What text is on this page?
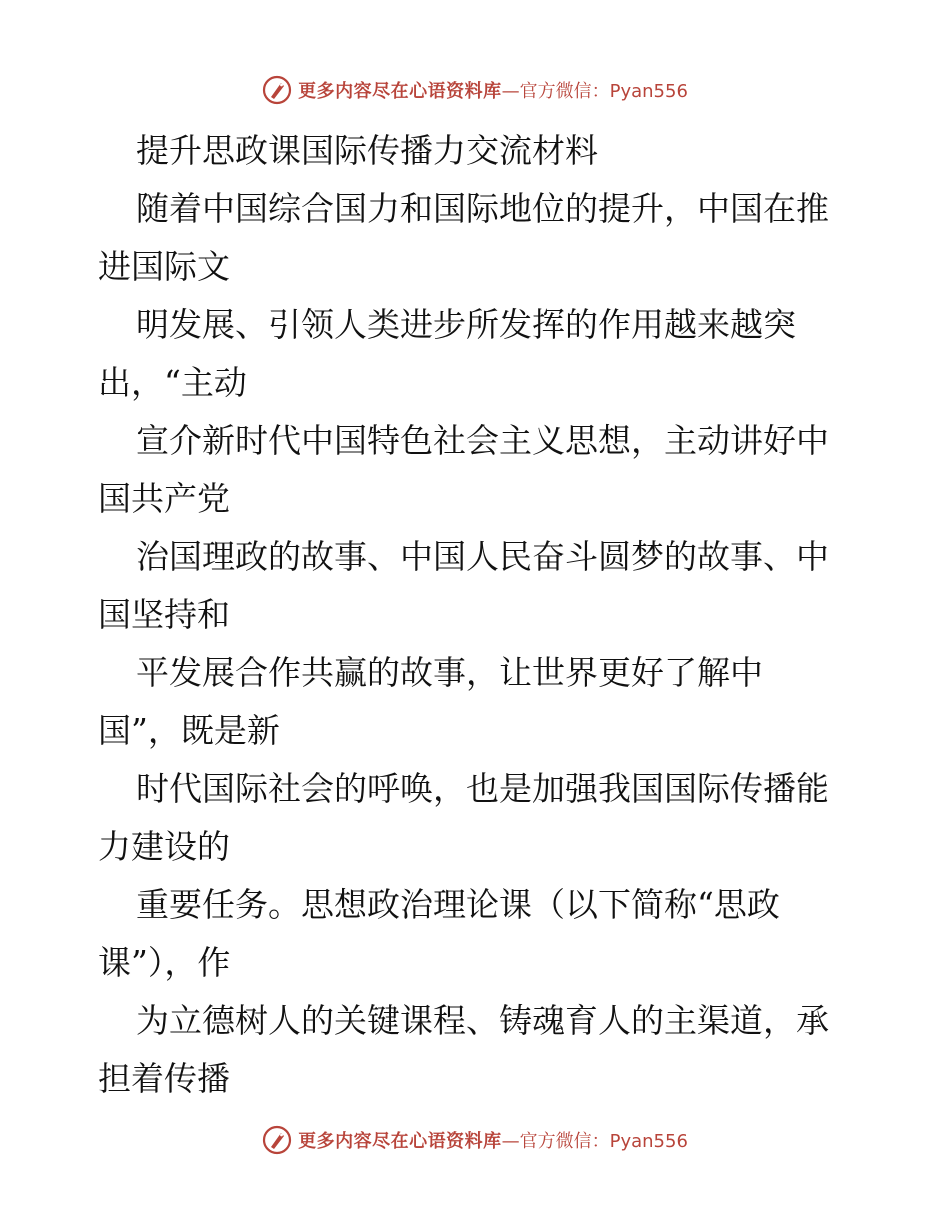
更多内容尽在心语资料库 —官方微信：Pyan556
提升思政课国际传播力交流材料

随着中国综合国力和国际地位的提升，中国在推
进国际文

明发展、引领人类进步所发挥的作用越来越突
出，“主动

宣介新时代中国特色社会主义思想，主动讲好中
国共产党

治国理政的故事、中国人民奋斗圆梦的故事、中
国坚持和

平发展合作共赢的故事，让世界更好了解中
国”，既是新

时代国际社会的呼唤，也是加强我国国际传播能
力建设的

重要任务。思想政治理论课（以下简称“思政
课”），作

为立德树人的关键课程、铸魂育人的主渠道，承
担着传播

更多内容尽在心语资料库 —官方微信：Pyan556
